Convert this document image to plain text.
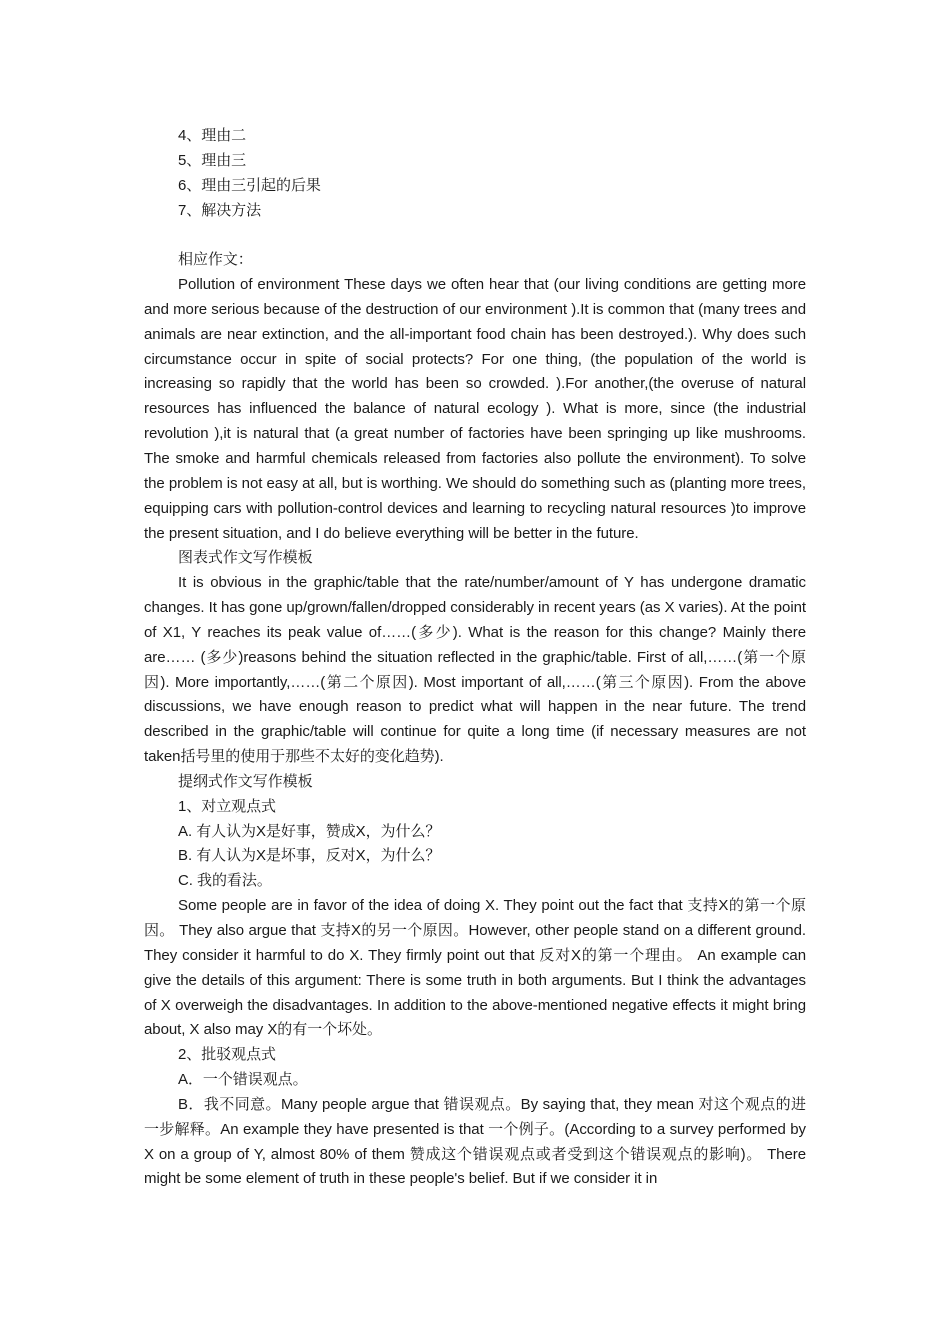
4、理由二

5、理由三

6、理由三引起的后果

7、解决方法

相应作文：

Pollution of environment These days we often hear that (our living conditions are getting more and more serious because of the destruction of our environment ).It is common that (many trees and animals are near extinction, and the all-important food chain has been destroyed.). Why does such circumstance occur in spite of social protects? For one thing, (the population of the world is increasing so rapidly that the world has been so crowded. ).For another,(the overuse of natural resources has influenced the balance of natural ecology ). What is more, since (the industrial revolution ),it is natural that (a great number of factories have been springing up like mushrooms. The smoke and harmful chemicals released from factories also pollute the environment). To solve the problem is not easy at all, but is worthing. We should do something such as (planting more trees, equipping cars with pollution-control devices and learning to recycling natural resources )to improve the present situation, and I do believe everything will be better in the future.

图表式作文写作模板

It is obvious in the graphic/table that the rate/number/amount of Y has undergone dramatic changes. It has gone up/grown/fallen/dropped considerably in recent years (as X varies). At the point of X1, Y reaches its peak value of……(多少). What is the reason for this change? Mainly there are…… (多少)reasons behind the situation reflected in the graphic/table. First of all,……(第一个原因). More importantly,……(第二个原因). Most important of all,……(第三个原因). From the above discussions, we have enough reason to predict what will happen in the near future. The trend described in the graphic/table will continue for quite a long time (if necessary measures are not taken括号里的使用于那些不太好的变化趋势).

提纲式作文写作模板

1、对立观点式

A. 有人认为X是好事，赞成X，为什么？

B. 有人认为X是坏事，反对X，为什么？

C. 我的看法。

Some people are in favor of the idea of doing X. They point out the fact that 支持X的第一个原因。 They also argue that 支持X的另一个原因。However, other people stand on a different ground. They consider it harmful to do X. They firmly point out that 反对X的第一个理由。 An example can give the details of this argument: There is some truth in both arguments. But I think the advantages of X overweigh the disadvantages. In addition to the above-mentioned negative effects it might bring about, X also may X的有一个坏处。

2、批驳观点式

A．一个错误观点。

B．我不同意。Many people argue that 错误观点。By saying that, they mean 对这个观点的进一步解释。An example they have presented is that 一个例子。(According to a survey performed by X on a group of Y, almost 80% of them 赞成这个错误观点或者受到这个错误观点的影响)。 There might be some element of truth in these people's belief. But if we consider it in
